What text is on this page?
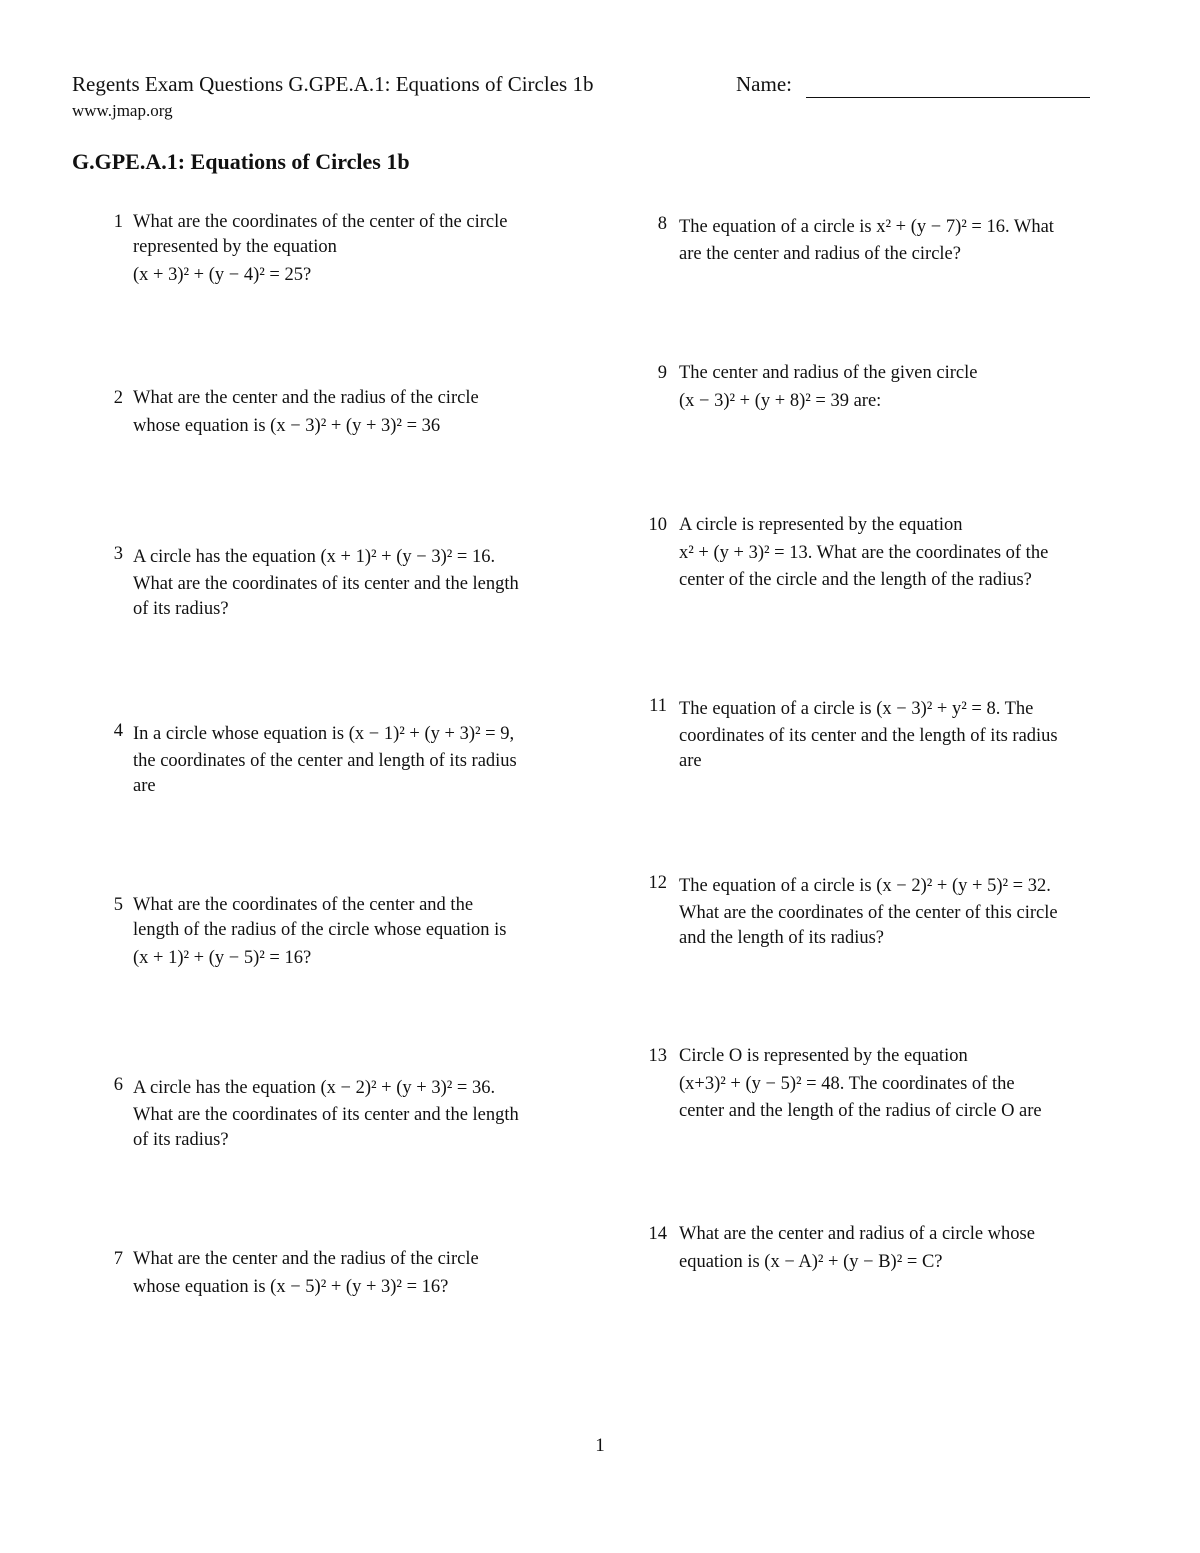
Regents Exam Questions G.GPE.A.1: Equations of Circles 1b
www.jmap.org
Name:
G.GPE.A.1: Equations of Circles 1b
1 What are the coordinates of the center of the circle
represented by the equation
(x + 3)² + (y − 4)² = 25?
2 What are the center and the radius of the circle
whose equation is (x − 3)² + (y + 3)² = 36
3 A circle has the equation (x + 1)² + (y − 3)² = 16.
What are the coordinates of its center and the length
of its radius?
4 In a circle whose equation is (x − 1)² + (y + 3)² = 9,
the coordinates of the center and length of its radius
are
5 What are the coordinates of the center and the
length of the radius of the circle whose equation is
(x + 1)² + (y − 5)² = 16?
6 A circle has the equation (x − 2)² + (y + 3)² = 36.
What are the coordinates of its center and the length
of its radius?
7 What are the center and the radius of the circle
whose equation is (x − 5)² + (y + 3)² = 16?
8 The equation of a circle is x² + (y − 7)² = 16. What
are the center and radius of the circle?
9 The center and radius of the given circle
(x − 3)² + (y + 8)² = 39 are:
10 A circle is represented by the equation
x² + (y + 3)² = 13. What are the coordinates of the
center of the circle and the length of the radius?
11 The equation of a circle is (x − 3)² + y² = 8. The
coordinates of its center and the length of its radius
are
12 The equation of a circle is (x − 2)² + (y + 5)² = 32.
What are the coordinates of the center of this circle
and the length of its radius?
13 Circle O is represented by the equation
(x+3)² + (y − 5)² = 48. The coordinates of the
center and the length of the radius of circle O are
14 What are the center and radius of a circle whose
equation is (x − A)² + (y − B)² = C?
1
